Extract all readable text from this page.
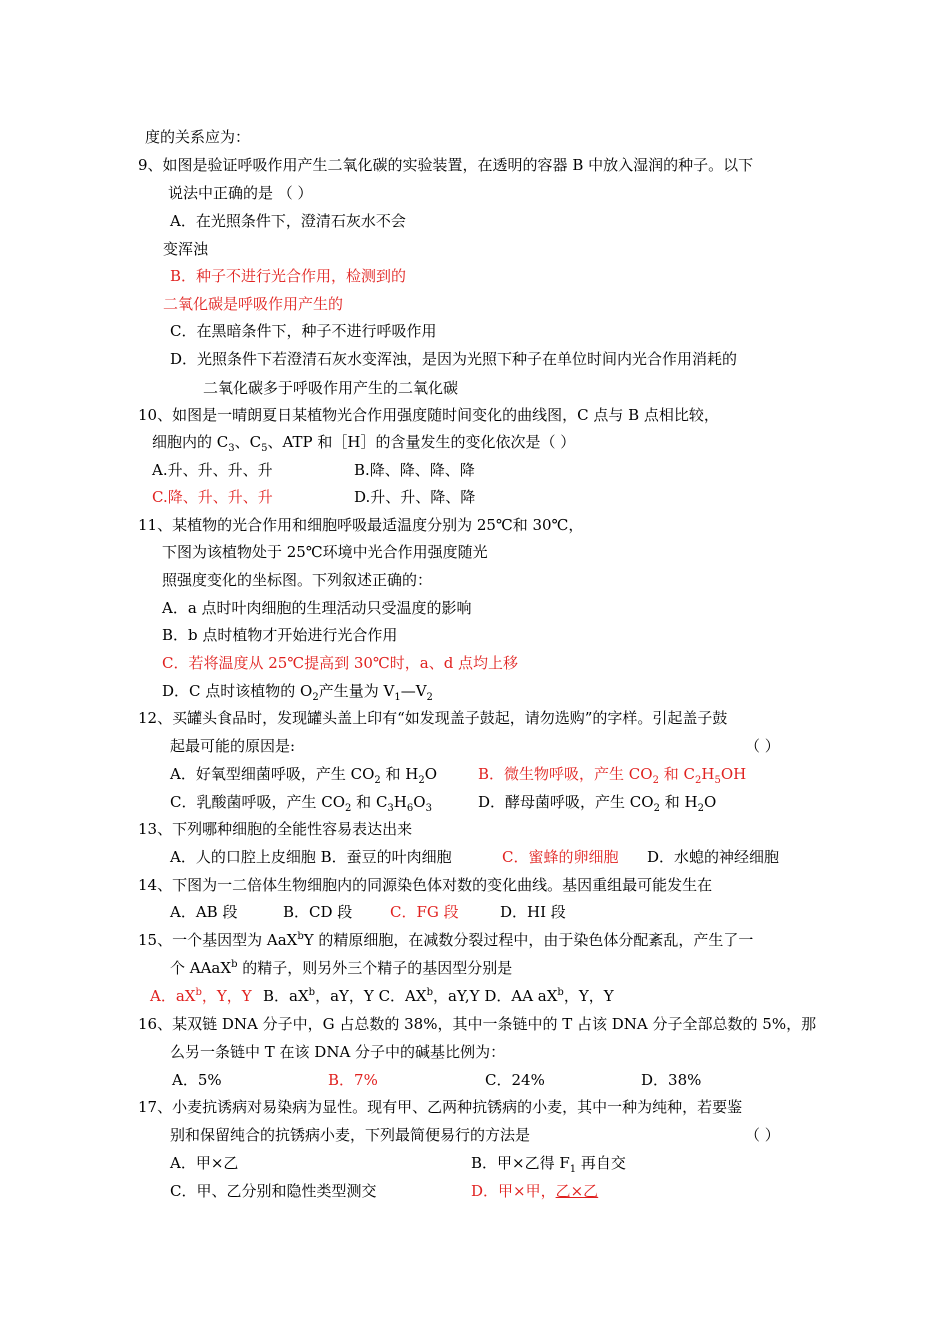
度的关系应为：
9、如图是验证呼吸作用产生二氧化碳的实验装置，在透明的容器 B 中放入湿润的种子。以下
说法中正确的是 （ ）
A．在光照条件下，澄清石灰水不会
变浑浊
B．种子不进行光合作用，检测到的
二氧化碳是呼吸作用产生的
C．在黑暗条件下，种子不进行呼吸作用
D．光照条件下若澄清石灰水变浑浊，是因为光照下种子在单位时间内光合作用消耗的
二氧化碳多于呼吸作用产生的二氧化碳
10、如图是一晴朗夏日某植物光合作用强度随时间变化的曲线图，C 点与 B 点相比较，
细胞内的 $C_3$、$C_5$、ATP 和［H］的含量发生的变化依次是（ ）
A.升、升、升、升	B.降、降、降、降
C.降、升、升、升	D.升、升、降、降
11、某植物的光合作用和细胞呼吸最适温度分别为 25℃和 30℃，
下图为该植物处于 25℃环境中光合作用强度随光
照强度变化的坐标图。下列叙述正确的：
A．a 点时叶肉细胞的生理活动只受温度的影响
B．b 点时植物才开始进行光合作用
C．若将温度从 25℃提高到 30℃时，a、d 点均上移
D．C 点时该植物的 $O_2$产生量为 $V_1—V_2$
12、买罐头食品时，发现罐头盖上印有“如发现盖子鼓起，请勿选购”的字样。引起盖子鼓
起最可能的原因是:	（ ）
A．好氧型细菌呼吸，产生 $CO_2$ 和 $H_2O$	B．微生物呼吸，产生 $CO_2$ 和 $C_2H_5OH$
C．乳酸菌呼吸，产生 $CO_2$ 和 $C_3H_6O_3$	D．酵母菌呼吸，产生 $CO_2$ 和 $H_2O$
13、下列哪种细胞的全能性容易表达出来
A．人的口腔上皮细胞 B．蚕豆的叶肉细胞	C．蜜蜂的卵细胞 D．水螅的神经细胞
14、下图为一二倍体生物细胞内的同源染色体对数的变化曲线。基因重组最可能发生在
A．AB 段	B．CD 段	C．FG 段	D．HI 段
15、一个基因型为 AaX$^b$Y 的精原细胞，在减数分裂过程中，由于染色体分配紊乱，产生了一
个 AAaX$^b$ 的精子，则另外三个精子的基因型分别是
A．$aX^b$，Y，Y B．$aX^b$，aY，Y C．$AX^b$，aY,Y D．AA $aX^b$，Y，Y
16、某双链 DNA 分子中，G 占总数的 38%，其中一条链中的 T 占该 DNA 分子全部总数的 5%，那
么另一条链中 T 在该 DNA 分子中的碱基比例为：
A．5%	B．7%	C．24%	D．38%
17、小麦抗诱病对易染病为显性。现有甲、乙两种抗锈病的小麦，其中一种为纯种，若要鉴
别和保留纯合的抗锈病小麦，下列最简便易行的方法是	（ ）
A．甲×乙	B．甲×乙得 $F_1$ 再自交
C．甲、乙分别和隐性类型测交	D．甲×甲，乙×乙
